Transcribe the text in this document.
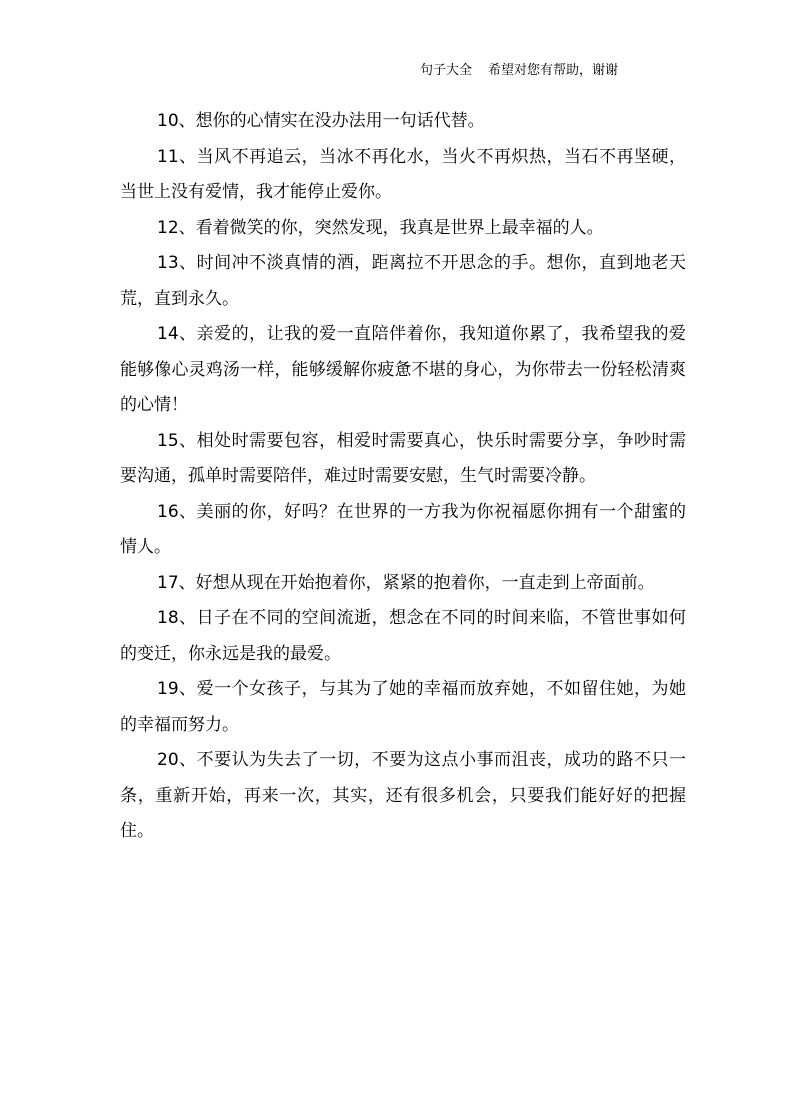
句子大全 希望对您有帮助，谢谢

10、想你的心情实在没办法用一句话代替。

11、当风不再追云，当冰不再化水，当火不再炽热，当石不再坚硬，当世上没有爱情，我才能停止爱你。

12、看着微笑的你，突然发现，我真是世界上最幸福的人。

13、时间冲不淡真情的酒，距离拉不开思念的手。想你，直到地老天荒，直到永久。

14、亲爱的，让我的爱一直陪伴着你，我知道你累了，我希望我的爱能够像心灵鸡汤一样，能够缓解你疲惫不堪的身心，为你带去一份轻松清爽的心情！

15、相处时需要包容，相爱时需要真心，快乐时需要分享，争吵时需要沟通，孤单时需要陪伴，难过时需要安慰，生气时需要冷静。

16、美丽的你，好吗？在世界的一方我为你祝福愿你拥有一个甜蜜的情人。

17、好想从现在开始抱着你，紧紧的抱着你，一直走到上帝面前。

18、日子在不同的空间流逝，想念在不同的时间来临，不管世事如何的变迁，你永远是我的最爱。

19、爱一个女孩子，与其为了她的幸福而放弃她，不如留住她，为她的幸福而努力。

20、不要认为失去了一切，不要为这点小事而沮丧，成功的路不只一条，重新开始，再来一次，其实，还有很多机会，只要我们能好好的把握住。
